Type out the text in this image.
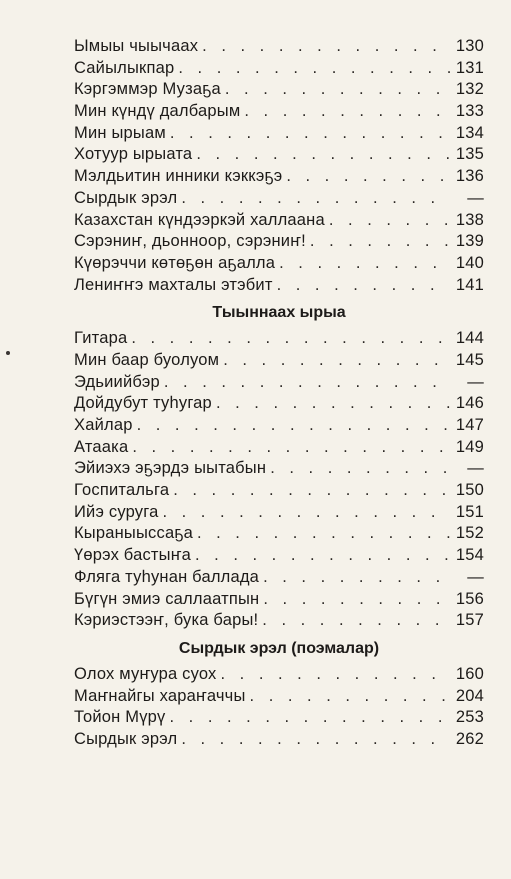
Ымыы чыычаах . . .	130
Сайылыкпар . . .	131
Кэргэммэр Музаҕа . . .	132
Мин күндү далбарым . . .	133
Мин ырыам . . .	134
Хотуур ырыата . . .	135
Мэлдьитин инники кэккэҕэ . . .	136
Сырдык эрэл . . .	—
Казахстан күндээркэй халлаана . . .	138
Сэрэниҥ, дьонноор, сэрэниҥ! . . .	139
Күөрэччи көтөҕөн аҕалла . . .	140
Лениҥҥэ махталы этэбит . . .	141
Тыыннаах ырыа
Гитара . . .	144
Мин баар буолуом . . .	145
Эдьиийбэр . . .	—
Дойдубут туһугар . . .	146
Хайлар . . .	147
Атаака . . .	149
Эйиэхэ эҕэрдэ ыытабын . . .	—
Госпитальга . . .	150
Ийэ суруга . . .	151
Кыраныыссаҕа . . .	152
Үөрэх бастыҥа . . .	154
Фляга туһунан баллада . . .	—
Бүгүн эмиэ саллаатпын . . .	156
Кэриэстээҥ, бука бары! . . .	157
Сырдык эрэл (поэмалар)
Олох муҥура суох . . .	160
Маҥнайгы хараҥаччы . . .	204
Тойон Мүрү . . .	253
Сырдык эрэл . . .	262
